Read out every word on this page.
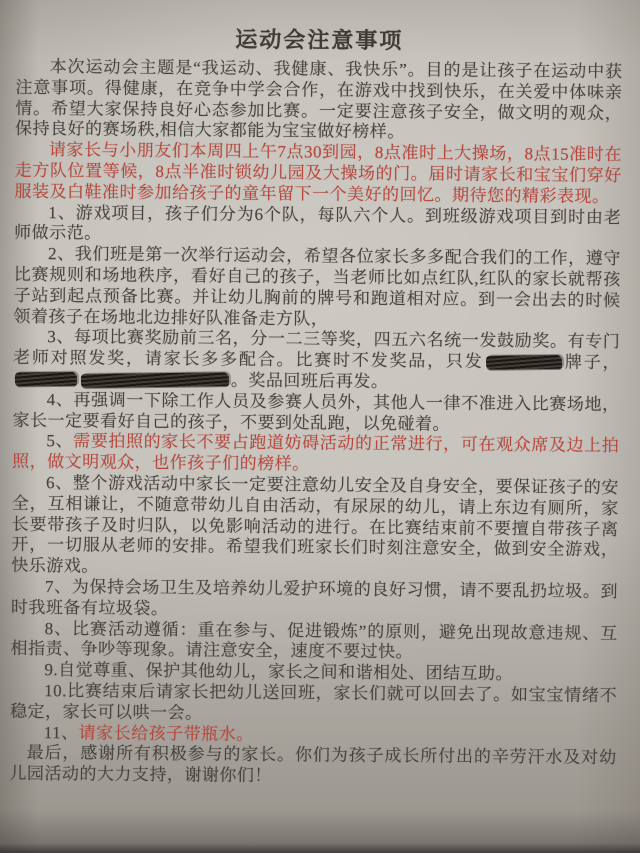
运动会注意事项

本次运动会主题是“我运动、我健康、我快乐”。目的是让孩子在运动中获注意事项。得健康，在竞争中学会合作，在游戏中找到快乐，在关爱中体味亲情。希望大家保持良好心态参加比赛。一定要注意孩子安全，做文明的观众，保持良好的赛场秩,相信大家都能为宝宝做好榜样。

请家长与小朋友们本周四上午7点30到园，8点准时上大操场，8点15准时在走方队位置等候，8点半准时锁幼儿园及大操场的门。届时请家长和宝宝们穿好服装及白鞋准时参加给孩子的童年留下一个美好的回忆。期待您的精彩表现。

1、游戏项目，孩子们分为6个队，每队六个人。到班级游戏项目到时由老师做示范。

2、我们班是第一次举行运动会，希望各位家长多多配合我们的工作，遵守比赛规则和场地秩序，看好自己的孩子，当老师比如点红队,红队的家长就帮孩子站到起点预备比赛。并让幼儿胸前的牌号和跑道相对应。到一会出去的时候领着孩子在场地北边排好队准备走方队，

3、每项比赛奖励前三名，分一二三等奖，四五六名统一发鼓励奖。有专门老师对照发奖，请家长多多配合。比赛时不发奖品，只发	牌子，。奖品回班后再发。

4、再强调一下除工作人员及参赛人员外，其他人一律不准进入比赛场地，家长一定要看好自己的孩子，不要到处乱跑，以免碰着。

5、需要拍照的家长不要占跑道妨碍活动的正常进行，可在观众席及边上拍照，做文明观众，也作孩子们的榜样。

6、整个游戏活动中家长一定要注意幼儿安全及自身安全，要保证孩子的安全，互相谦让，不随意带幼儿自由活动，有尿尿的幼儿，请上东边有厕所，家长要带孩子及时归队，以免影响活动的进行。在比赛结束前不要擅自带孩子离开，一切服从老师的安排。希望我们班家长们时刻注意安全，做到安全游戏，快乐游戏。

7、为保持会场卫生及培养幼儿爱护环境的良好习惯，请不要乱扔垃圾。到时我班备有垃圾袋。

8、比赛活动遵循：重在参与、促进锻炼”的原则，避免出现故意违规、互相指责、争吵等现象。请注意安全，速度不要过快。

9.自觉尊重、保护其他幼儿，家长之间和谐相处、团结互助。

10.比赛结束后请家长把幼儿送回班，家长们就可以回去了。如宝宝情绪不稳定，家长可以哄一会。

11、请家长给孩子带瓶水。

最后，感谢所有积极参与的家长。你们为孩子成长所付出的辛劳汗水及对幼儿园活动的大力支持，谢谢你们！
